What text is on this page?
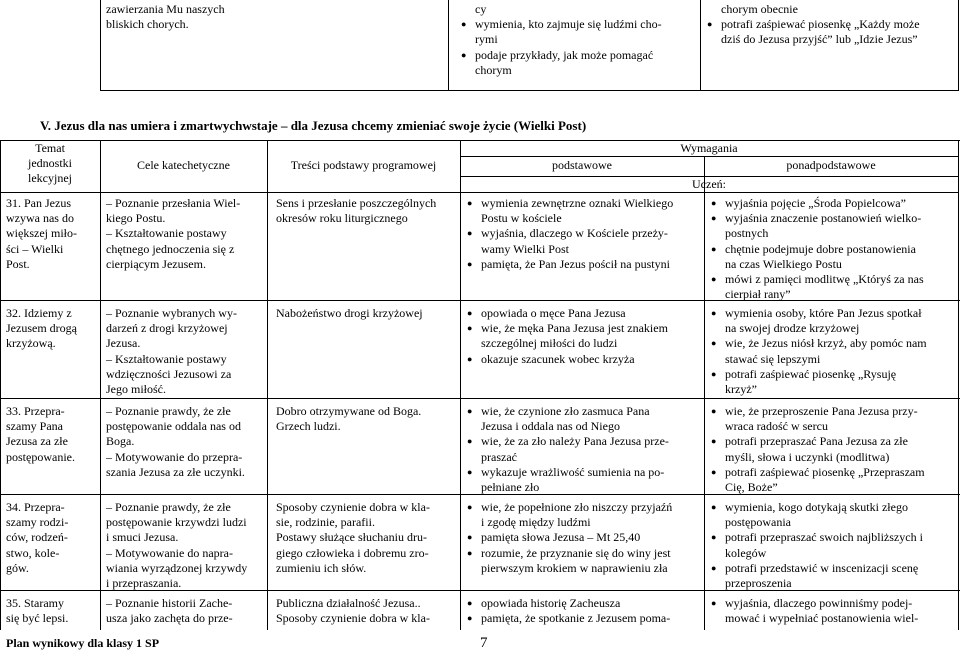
zawierzania Mu naszych
bliskich chorych.
cy
● wymienia, kto zajmuje się ludźmi cho-
rymi
● podaje przykłady, jak może pomagać
chorym
chorym obecnie
● potrafi zaśpiewać piosenkę „Każdy może
dziś do Jezusa przyjść” lub „Idzie Jezus”
V. Jezus dla nas umiera i zmartwychwstaje – dla Jezusa chcemy zmieniać swoje życie (Wielki Post)
Temat
jednostki
lekcyjnej
Cele katechetyczne	Treści podstawy programowej
Wymagania
podstawowe	ponadpodstawowe
Uczeń:
31. Pan Jezus
wzywa nas do
większej miło-
ści – Wielki
Post.
– Poznanie przesłania Wiel-
kiego Postu.
– Kształtowanie postawy
chętnego jednoczenia się z
cierpiącym Jezusem.
Sens i przesłanie poszczególnych
okresów roku liturgicznego
● wymienia zewnętrzne oznaki Wielkiego
Postu w kościele
● wyjaśnia, dlaczego w Kościele przeży-
wamy Wielki Post
● pamięta, że Pan Jezus pościł na pustyni
● wyjaśnia pojęcie „Środa Popielcowa”
● wyjaśnia znaczenie postanowień wielko-
postnych
● chętnie podejmuje dobre postanowienia
na czas Wielkiego Postu
● mówi z pamięci modlitwę „Któryś za nas
cierpiał rany”
32. Idziemy z
Jezusem drogą
krzyżową.
– Poznanie wybranych wy-
darzeń z drogi krzyżowej
Jezusa.
– Kształtowanie postawy
wdzięczności Jezusowi za
Jego miłość.
Nabożeństwo drogi krzyżowej
●	opowiada o męce Pana Jezusa
● wie, że męka Pana Jezusa jest znakiem
szczególnej miłości do ludzi
● okazuje szacunek wobec krzyża
● wymienia osoby, które Pan Jezus spotkał
na swojej drodze krzyżowej
● wie, że Jezus niósł krzyż, aby pomóc nam
stawać się lepszymi
● potrafi zaśpiewać piosenkę „Rysuję
krzyż”
33. Przepra-
szamy Pana
Jezusa za złe
postępowanie.
– Poznanie prawdy, że złe
postępowanie oddala nas od
Boga.
– Motywowanie do przepra-
szania Jezusa za złe uczynki.
Dobro otrzymywane od Boga.
Grzech ludzi.
● wie, że czynione zło zasmuca Pana
Jezusa i oddala nas od Niego
● wie, że za zło należy Pana Jezusa prze-
praszać
● wykazuje wrażliwość sumienia na po-
pełniane zło
● wie, że przeproszenie Pana Jezusa przy-
wraca radość w sercu
● potrafi przepraszać Pana Jezusa za złe
myśli, słowa i uczynki (modlitwa)
● potrafi zaśpiewać piosenkę „Przepraszam
Cię, Boże”
34. Przepra-
szamy rodzi-
ców, rodzeń-
stwo, kole-
gów.
– Poznanie prawdy, że złe
postępowanie krzywdzi ludzi
i smuci Jezusa.
– Motywowanie do napra-
wiania wyrządzonej krzywdy
i przepraszania.
Sposoby czynienie dobra w kla-
sie, rodzinie, parafii.
Postawy służące słuchaniu dru-
giego człowieka i dobremu zro-
zumieniu ich słów.
● wie, że popełnione zło niszczy przyjaźń
i zgodę między ludźmi
● pamięta słowa Jezusa – Mt 25,40
● rozumie, że przyznanie się do winy jest
pierwszym krokiem w naprawieniu zła
● wymienia, kogo dotykają skutki złego
postępowania
● potrafi przepraszać swoich najbliższych i
kolegów
● potrafi przedstawić w inscenizacji scenę
przeproszenia
35. Staramy
się być lepsi.
– Poznanie historii Zache-
usza jako zachęta do prze-
Publiczna działalność Jezusa..
Sposoby czynienie dobra w kla-
● opowiada historię Zacheusza
● pamięta, że spotkanie z Jezusem poma-
● wyjaśnia, dlaczego powinniśmy podej-
mować i wypełniać postanowienia wiel-
Plan wynikowy dla klasy 1 SP	7
